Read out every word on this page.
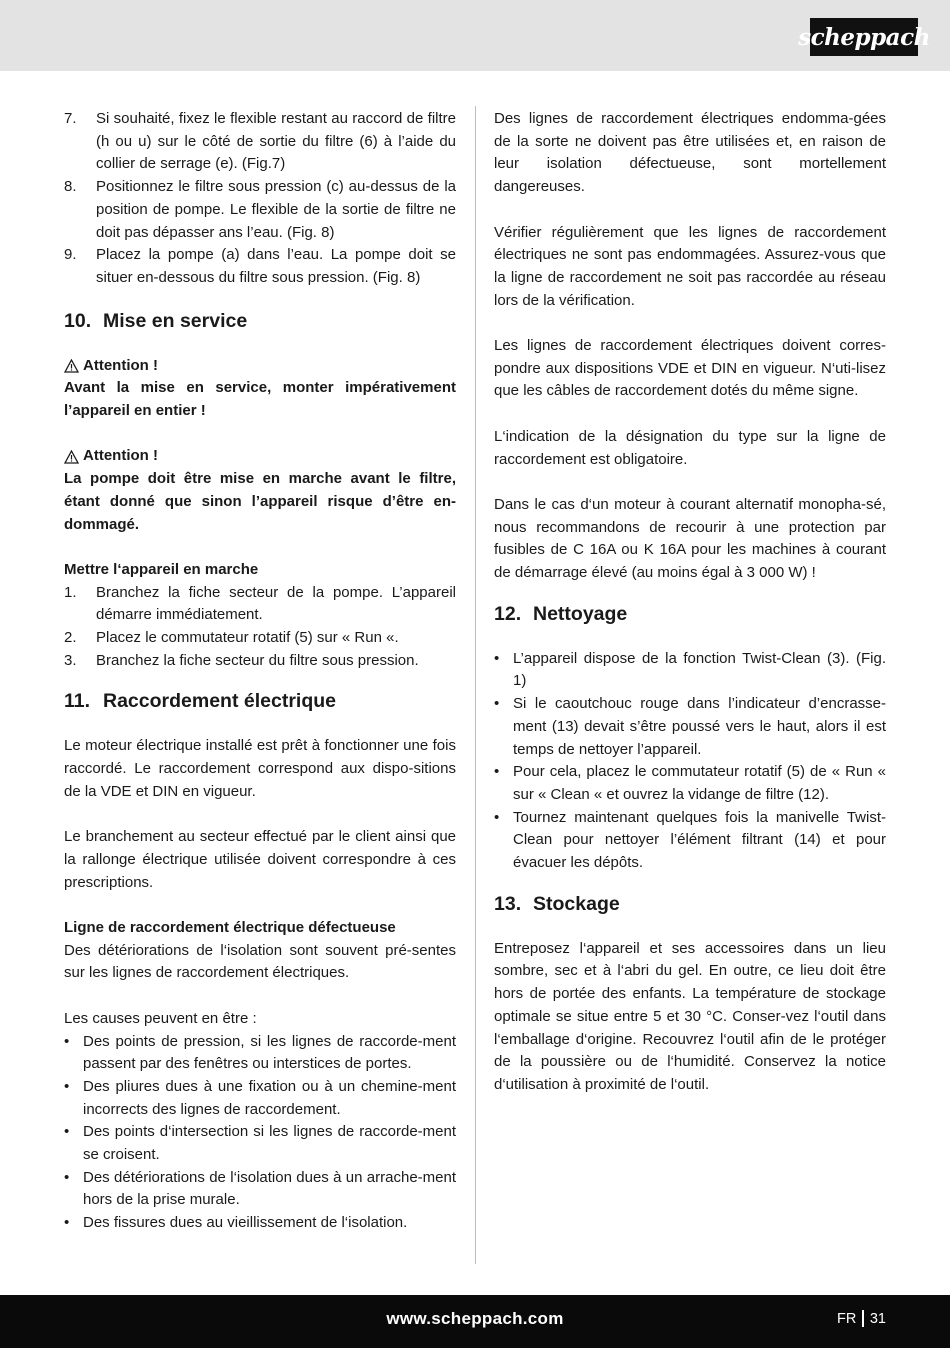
scheppach
7.	Si souhaité, fixez le flexible restant au raccord de filtre (h ou u) sur le côté de sortie du filtre (6) à l’aide du collier de serrage (e). (Fig.7)
8.	Positionnez le filtre sous pression (c) au-dessus de la position de pompe. Le flexible de la sortie de filtre ne doit pas dépasser ans l’eau. (Fig. 8)
9.	Placez la pompe (a) dans l’eau. La pompe doit se situer en-dessous du filtre sous pression. (Fig. 8)
10. Mise en service
Attention !

Avant la mise en service, monter impérativement l’appareil en entier !

Attention !

La pompe doit être mise en marche avant le filtre, étant donné que sinon l’appareil risque d’être en-dommagé.

Mettre l‘appareil en marche

1.	Branchez la fiche secteur de la pompe. L’appareil démarre immédiatement.
2.	Placez le commutateur rotatif (5) sur « Run «.
3.	Branchez la fiche secteur du filtre sous pression.
11. Raccordement électrique

Le moteur électrique installé est prêt à fonctionner une fois raccordé. Le raccordement correspond aux dispo-sitions de la VDE et DIN en vigueur.

Le branchement au secteur effectué par le client ainsi que la rallonge électrique utilisée doivent correspondre à ces prescriptions.

Ligne de raccordement électrique défectueuse

Des détériorations de l‘isolation sont souvent pré-sentes sur les lignes de raccordement électriques.

Les causes peuvent en être :

• Des points de pression, si les lignes de raccorde-ment passent par des fenêtres ou interstices de portes.
• Des pliures dues à une fixation ou à un chemine-ment incorrects des lignes de raccordement.
• Des points d‘intersection si les lignes de raccorde-ment se croisent.
• Des détériorations de l‘isolation dues à un arrache-ment hors de la prise murale.
• Des fissures dues au vieillissement de l‘isolation.

Des lignes de raccordement électriques endomma-gées de la sorte ne doivent pas être utilisées et, en raison de leur isolation défectueuse, sont mortellement dangereuses.

Vérifier régulièrement que les lignes de raccordement électriques ne sont pas endommagées. Assurez-vous que la ligne de raccordement ne soit pas raccordée au réseau lors de la vérification.

Les lignes de raccordement électriques doivent corres-pondre aux dispositions VDE et DIN en vigueur. N‘uti-lisez que les câbles de raccordement dotés du même signe.

L‘indication de la désignation du type sur la ligne de raccordement est obligatoire.

Dans le cas d‘un moteur à courant alternatif monopha-sé, nous recommandons de recourir à une protection par fusibles de C 16A ou K 16A pour les machines à courant de démarrage élevé (au moins égal à 3 000 W) !

12. Nettoyage
• L’appareil dispose de la fonction Twist-Clean (3). (Fig. 1)
• Si le caoutchouc rouge dans l’indicateur d’encrasse-ment (13) devait s’être poussé vers le haut, alors il est temps de nettoyer l’appareil.
• Pour cela, placez le commutateur rotatif (5) de « Run « sur « Clean « et ouvrez la vidange de filtre (12).
• Tournez maintenant quelques fois la manivelle Twist-Clean pour nettoyer l’élément filtrant (14) et pour évacuer les dépôts.
13. Stockage

Entreposez l‘appareil et ses accessoires dans un lieu sombre, sec et à l‘abri du gel. En outre, ce lieu doit être hors de portée des enfants. La température de stockage optimale se situe entre 5 et 30 °C. Conser-vez l‘outil dans l‘emballage d‘origine. Recouvrez l‘outil afin de le protéger de la poussière ou de l‘humidité. Conservez la notice d‘utilisation à proximité de l‘outil.

www.scheppach.com	FR 31
